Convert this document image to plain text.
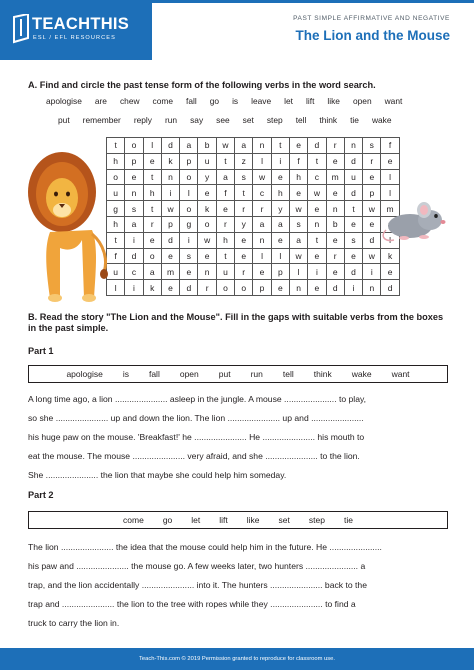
TEACHTHIS
ESL / EFL RESOURCES
PAST SIMPLE AFFIRMATIVE AND NEGATIVE
The Lion and the Mouse
A. Find and circle the past tense form of the following verbs in the word search.
apologise are chew come fall go is leave let lift like open want
put remember reply run say see set step tell think tie wake
t	o	l	d	a	b	w	a	n	t	e	d	r	n	s	f
h	p	e	k	p	u	t	z	l	i	f	t	e	d	r	e
o	e	t	n	o	y	a	s	w	e	h	c	m	u	e	l
u	n	h	i	l	e	f	t	c	h	e	w	e	d	p	l
g	s	t	w	o	k	e	r	r	y	w	e	n	t	w	m
h	a	r	p	g	o	r	y	a	a	s	n	b	e	e	
t	i	e	d	i	w	h	e	n	e	a	t	e	s	d	l
f	d	o	e	s	e	t	e	l	l	w	e	r	e	w	k
u	c	a	m	e	n	u	r	e	p	l	i	e	d	i	e
l	i	k	e	d	r	o	o	p	e	n	e	d	i	n	d
B. Read the story "The Lion and the Mouse". Fill in the gaps with suitable verbs from the boxes in the past simple.
Part 1
apologise is fall open put run tell think wake want
A long time ago, a lion ...................... asleep in the jungle. A mouse ...................... to play,
so she ...................... up and down the lion. The lion ...................... up and ......................
his huge paw on the mouse. 'Breakfast!' he ...................... He ...................... his mouth to
eat the mouse. The mouse ...................... very afraid, and she ...................... to the lion.
She ...................... the lion that maybe she could help him someday.
Part 2
come go let lift like set step tie
The lion ...................... the idea that the mouse could help him in the future. He ......................
his paw and ...................... the mouse go. A few weeks later, two hunters ...................... a
trap, and the lion accidentally ...................... into it. The hunters ...................... back to the
trap and ...................... the lion to the tree with ropes while they ...................... to find a
truck to carry the lion in.
Teach-This.com © 2019 Permission granted to reproduce for classroom use.
